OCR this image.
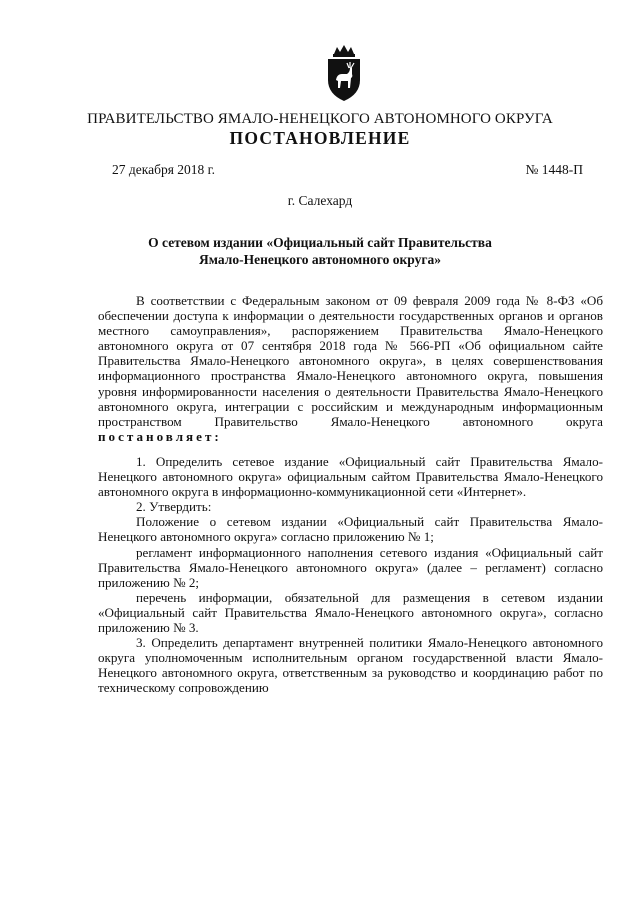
ПРАВИТЕЛЬСТВО ЯМАЛО-НЕНЕЦКОГО АВТОНОМНОГО ОКРУГА
ПОСТАНОВЛЕНИЕ
27 декабря 2018 г.	№ 1448-П
г. Салехард
О сетевом издании «Официальный сайт Правительства
Ямало-Ненецкого автономного округа»

В соответствии с Федеральным законом от 09 февраля 2009 года № 8-ФЗ «Об обеспечении доступа к информации о деятельности государственных органов и органов местного самоуправления», распоряжением Правительства Ямало-Ненецкого автономного округа от 07 сентября 2018 года № 566-РП «Об официальном сайте Правительства Ямало-Ненецкого автономного округа», в целях совершенствования информационного пространства Ямало-Ненецкого автономного округа, повышения уровня информированности населения о деятельности Правительства Ямало-Ненецкого автономного округа, интеграции с российским и международным информационным пространством Правительство Ямало-Ненецкого автономного округа постановляет:

1. Определить сетевое издание «Официальный сайт Правительства Ямало-Ненецкого автономного округа» официальным сайтом Правительства Ямало-Ненецкого автономного округа в информационно-коммуникационной сети «Интернет».

2. Утвердить:

Положение о сетевом издании «Официальный сайт Правительства Ямало-Ненецкого автономного округа» согласно приложению № 1;

регламент информационного наполнения сетевого издания «Официальный сайт Правительства Ямало-Ненецкого автономного округа» (далее – регламент) согласно приложению № 2;

перечень информации, обязательной для размещения в сетевом издании «Официальный сайт Правительства Ямало-Ненецкого автономного округа», согласно приложению № 3.

3. Определить департамент внутренней политики Ямало-Ненецкого автономного округа уполномоченным исполнительным органом государственной власти Ямало-Ненецкого автономного округа, ответственным за руководство и координацию работ по техническому сопровождению
